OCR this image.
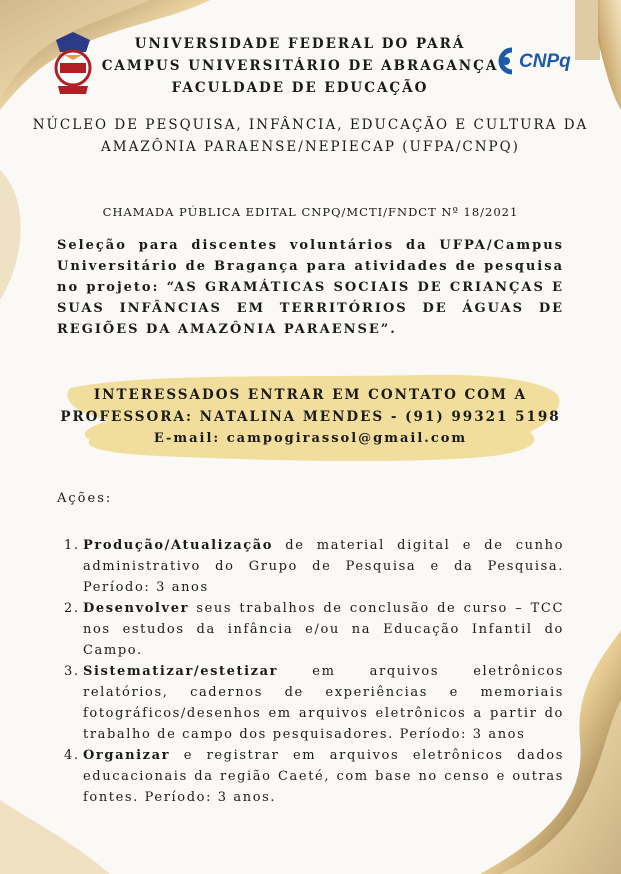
UNIVERSIDADE FEDERAL DO PARÁ
CAMPUS UNIVERSITÁRIO DE ABRAGANÇA
FACULDADE DE EDUCAÇÃO
CNPq
NÚCLEO DE PESQUISA, INFÂNCIA, EDUCAÇÃO E CULTURA DA
AMAZÔNIA PARAENSE/NEPIECAP (UFPA/CNPQ)
CHAMADA PÚBLICA EDITAL CNPQ/MCTI/FNDCT Nº 18/2021
Seleção para discentes voluntários da UFPA/Campus Universitário de Bragança para atividades de pesquisa no projeto: “AS GRAMÁTICAS SOCIAIS DE CRIANÇAS E SUAS INFÂNCIAS EM TERRITÓRIOS DE ÁGUAS DE REGIÕES DA AMAZÔNIA PARAENSE”.
INTERESSADOS ENTRAR EM CONTATO COM A
PROFESSORA: NATALINA MENDES - (91) 99321 5198
E-mail: campogirassol@gmail.com
Ações:
1. Produção/Atualização de material digital e de cunho administrativo do Grupo de Pesquisa e da Pesquisa. Período: 3 anos
2. Desenvolver seus trabalhos de conclusão de curso – TCC nos estudos da infância e/ou na Educação Infantil do Campo.
3. Sistematizar/estetizar em arquivos eletrônicos relatórios, cadernos de experiências e memoriais fotográficos/desenhos em arquivos eletrônicos a partir do trabalho de campo dos pesquisadores. Período: 3 anos
4. Organizar e registrar em arquivos eletrônicos dados educacionais da região Caeté, com base no censo e outras fontes. Período: 3 anos.
